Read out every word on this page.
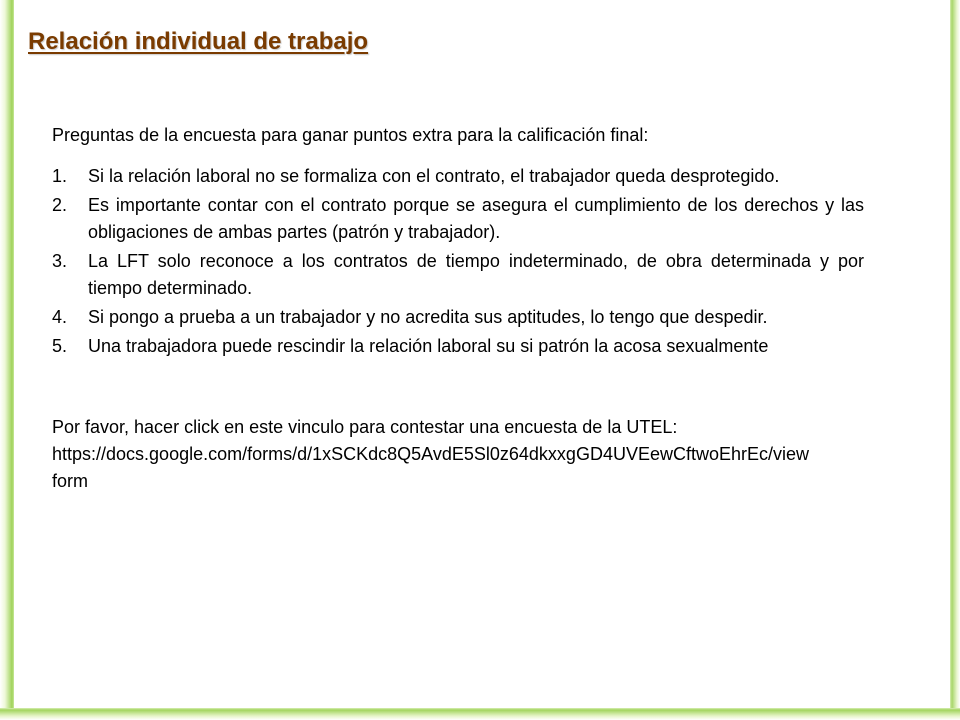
Relación individual de trabajo

Preguntas de la encuesta para ganar puntos extra para la calificación final:

1. Si la relación laboral no se formaliza con el contrato, el trabajador queda desprotegido.
2. Es importante contar con el contrato porque se asegura el cumplimiento de los derechos y las obligaciones de ambas partes (patrón y trabajador).
3. La LFT solo reconoce a los contratos de tiempo indeterminado, de obra determinada y por tiempo determinado.
4. Si pongo a prueba a un trabajador y no acredita sus aptitudes, lo tengo que despedir.
5. Una trabajadora puede rescindir la relación laboral su si patrón la acosa sexualmente

Por favor, hacer click en este vinculo para contestar una encuesta de la UTEL:

https://docs.google.com/forms/d/1xSCKdc8Q5AvdE5Sl0z64dkxxgGD4UVEewCftwoEhrEc/viewform
